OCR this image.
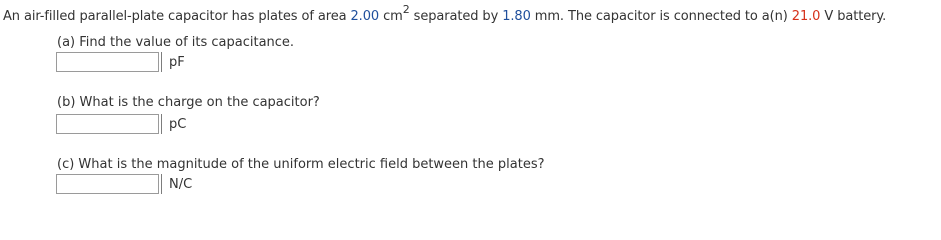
An air-filled parallel-plate capacitor has plates of area 2.00 $cm^2$ separated by 1.80 mm. The capacitor is connected to a(n) 21.0 V battery.
(a) Find the value of its capacitance.
pF
(b) What is the charge on the capacitor?
pC
(c) What is the magnitude of the uniform electric field between the plates?
N/C
